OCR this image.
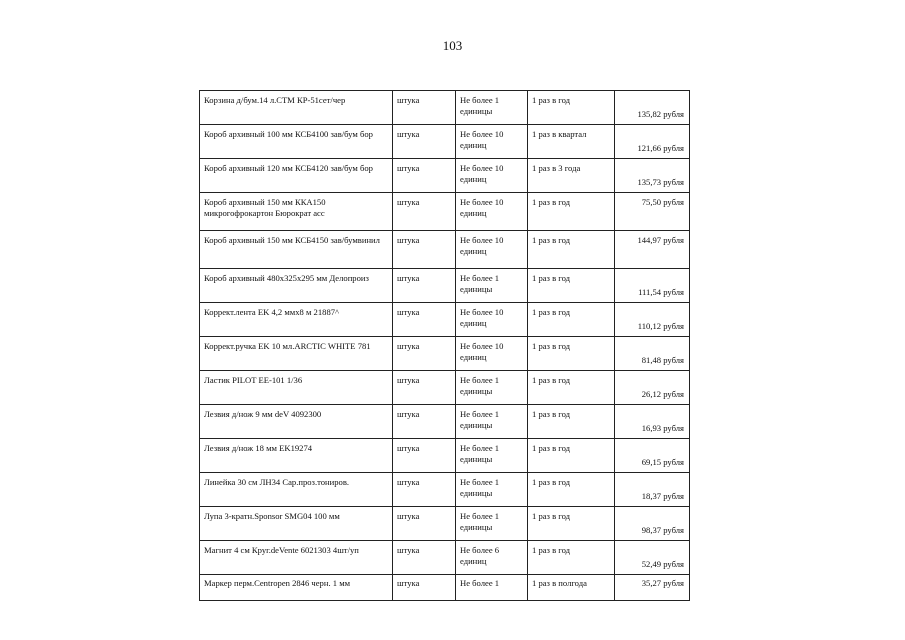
103
Корзина д/бум.14 л.СТМ КР-51сет/чер	штука	Не более 1 единицы	1 раз в год	135,82 рубля
Короб архивный 100 мм КСБ4100 зав/бум бор	штука	Не более 10 единиц	1 раз в квартал	121,66 рубля
Короб архивный 120 мм КСБ4120 зав/бум бор	штука	Не более 10 единиц	1 раз в 3 года	135,73 рубля
Короб архивный 150 мм ККА150 микрогофрокартон Бюрократ асс	штука	Не более 10 единиц	1 раз в год	75,50 рубля
Короб архивный 150 мм КСБ4150 зав/бумвинил	штука	Не более 10 единиц	1 раз в год	144,97 рубля
Короб архивный 480x325x295 мм Делопроиз	штука	Не более 1 единицы	1 раз в год	111,54 рубля
Коррект.лента EK 4,2 ммх8 м 21887^	штука	Не более 10 единиц	1 раз в год	110,12 рубля
Коррект.ручка EK 10 мл.ARCTIC WHITE 781	штука	Не более 10 единиц	1 раз в год	81,48 рубля
Ластик PILOT EE-101 1/36	штука	Не более 1 единицы	1 раз в год	26,12 рубля
Лезвия д/нож 9 мм deV 4092300	штука	Не более 1 единицы	1 раз в год	16,93 рубля
Лезвия д/нож 18 мм EK19274	штука	Не более 1 единицы	1 раз в год	69,15 рубля
Линейка 30 см ЛН34 Сар.проз.тониров.	штука	Не более 1 единицы	1 раз в год	18,37 рубля
Лупа 3-кратн.Sponsor SMG04 100 мм	штука	Не более 1 единицы	1 раз в год	98,37 рубля
Магнит 4 см Круг.deVente 6021303 4шт/уп	штука	Не более 6 единиц	1 раз в год	52,49 рубля
Маркер перм.Centropen 2846 черн. 1 мм	штука	Не более 1	1 раз в полгода	35,27 рубля
